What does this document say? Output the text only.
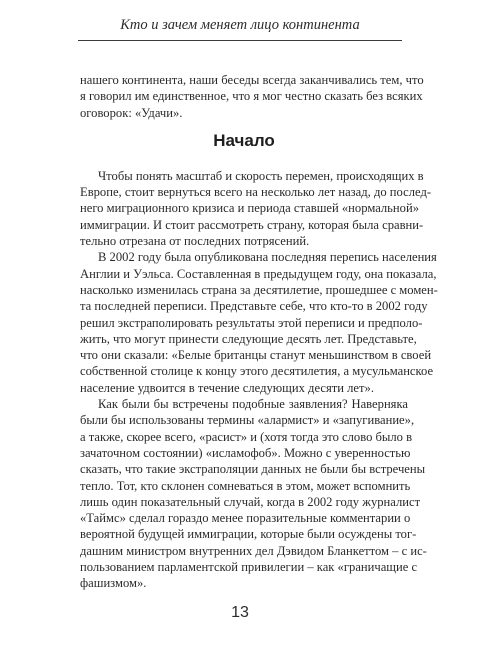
Кто и зачем меняет лицо континента
нашего континента, наши беседы всегда заканчивались тем, что
я говорил им единственное, что я мог честно сказать без всяких
оговорок: «Удачи».
Начало
Чтобы понять масштаб и скорость перемен, происходящих в
Европе, стоит вернуться всего на несколько лет назад, до послед-
него миграционного кризиса и периода ставшей «нормальной»
иммиграции. И стоит рассмотреть страну, которая была сравни-
тельно отрезана от последних потрясений.
В 2002 году была опубликована последняя перепись населения
Англии и Уэльса. Составленная в предыдущем году, она показала,
насколько изменилась страна за десятилетие, прошедшее с момен-
та последней переписи. Представьте себе, что кто-то в 2002 году
решил экстраполировать результаты этой переписи и предполо-
жить, что могут принести следующие десять лет. Представьте,
что они сказали: «Белые британцы станут меньшинством в своей
собственной столице к концу этого десятилетия, а мусульманское
население удвоится в течение следующих десяти лет».
Как были бы встречены подобные заявления? Наверняка
были бы использованы термины «алармист» и «запугивание»,
а также, скорее всего, «расист» и (хотя тогда это слово было в
зачаточном состоянии) «исламофоб». Можно с уверенностью
сказать, что такие экстраполяции данных не были бы встречены
тепло. Тот, кто склонен сомневаться в этом, может вспомнить
лишь один показательный случай, когда в 2002 году журналист
«Таймс» сделал гораздо менее поразительные комментарии о
вероятной будущей иммиграции, которые были осуждены тог-
дашним министром внутренних дел Дэвидом Бланкеттом – с ис-
пользованием парламентской привилегии – как «граничащие с
фашизмом».
13
